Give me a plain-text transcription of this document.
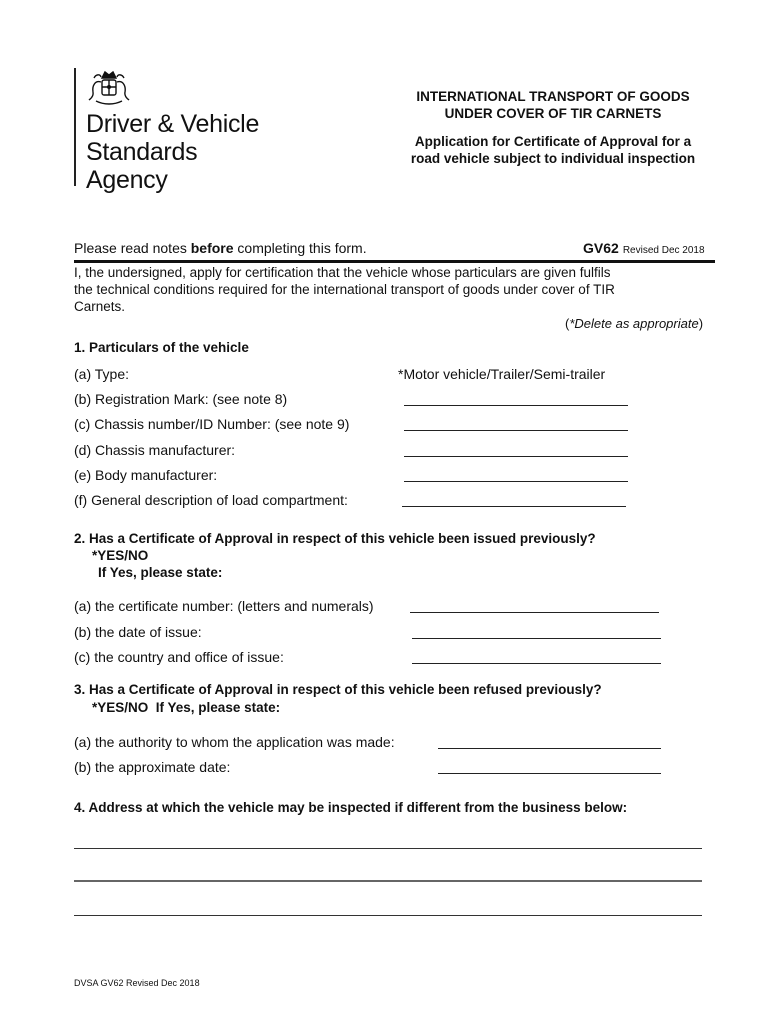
Driver & Vehicle
Standards
Agency
INTERNATIONAL TRANSPORT OF GOODS
UNDER COVER OF TIR CARNETS
Application for Certificate of Approval for a
road vehicle subject to individual inspection
Please read notes before completing this form.	GV62 Revised Dec 2018
I, the undersigned, apply for certification that the vehicle whose particulars are given fulfils
the technical conditions required for the international transport of goods under cover of TIR
Carnets.
(*Delete as appropriate)
1. Particulars of the vehicle
(a) Type:	*Motor vehicle/Trailer/Semi-trailer
(b) Registration Mark: (see note 8)
(c) Chassis number/ID Number: (see note 9)
(d) Chassis manufacturer:
(e) Body manufacturer:
(f) General description of load compartment:
2. Has a Certificate of Approval in respect of this vehicle been issued previously?
*YES/NO
If Yes, please state:
(a) the certificate number: (letters and numerals)
(b) the date of issue:
(c) the country and office of issue:
3. Has a Certificate of Approval in respect of this vehicle been refused previously?
*YES/NO  If Yes, please state:
(a) the authority to whom the application was made:
(b) the approximate date:
4. Address at which the vehicle may be inspected if different from the business below:
DVSA GV62 Revised Dec 2018
